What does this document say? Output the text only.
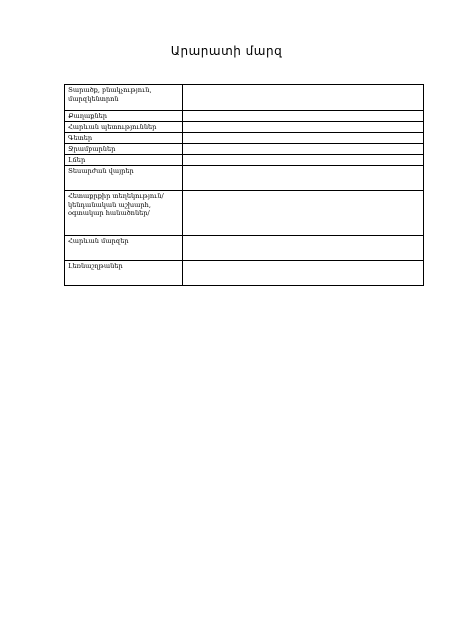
Արարատի մարզ
Տարածք, բնակչություն, մարզկենտրոն	
Քաղաքներ	
Հարևան պետություններ	
Գետեր	
Ջրամբարներ	
Լճեր	
Տեսարժան վայրեր	
Հետաքրքիր տեղեկություն/կենդանական աշխարհ, օգտակար հանածոներ/	
Հարևան մարզեր	
Լեռնաշղթաներ	
